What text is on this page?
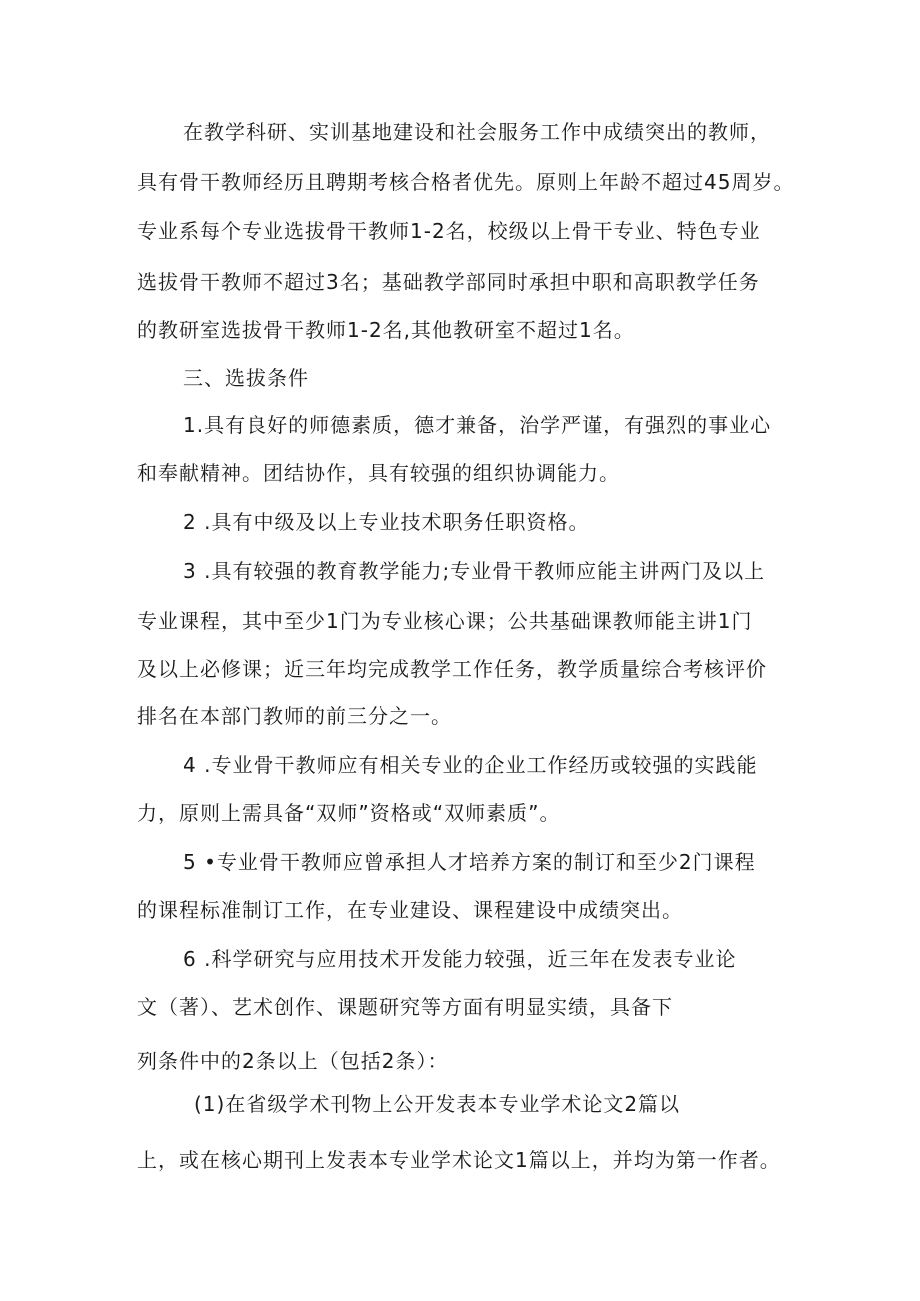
在教学科研、实训基地建设和社会服务工作中成绩突出的教师，
具有骨干教师经历且聘期考核合格者优先。原则上年龄不超过45周岁。
专业系每个专业选拔骨干教师1-2名，校级以上骨干专业、特色专业
选拔骨干教师不超过3名；基础教学部同时承担中职和高职教学任务
的教研室选拔骨干教师1-2名,其他教研室不超过1名。
三、选拔条件
1.具有良好的师德素质，德才兼备，治学严谨，有强烈的事业心
和奉献精神。团结协作，具有较强的组织协调能力。
2 .具有中级及以上专业技术职务任职资格。
3 .具有较强的教育教学能力;专业骨干教师应能主讲两门及以上
专业课程，其中至少1门为专业核心课；公共基础课教师能主讲1门
及以上必修课；近三年均完成教学工作任务，教学质量综合考核评价
排名在本部门教师的前三分之一。
4 .专业骨干教师应有相关专业的企业工作经历或较强的实践能
力，原则上需具备“双师”资格或“双师素质”。
5 •专业骨干教师应曾承担人才培养方案的制订和至少2门课程
的课程标准制订工作，在专业建设、课程建设中成绩突出。
6 .科学研究与应用技术开发能力较强，近三年在发表专业论
文（著）、艺术创作、课题研究等方面有明显实绩，具备下
列条件中的2条以上（包括2条）：
(1)在省级学术刊物上公开发表本专业学术论文2篇以
上，或在核心期刊上发表本专业学术论文1篇以上，并均为第一作者。
